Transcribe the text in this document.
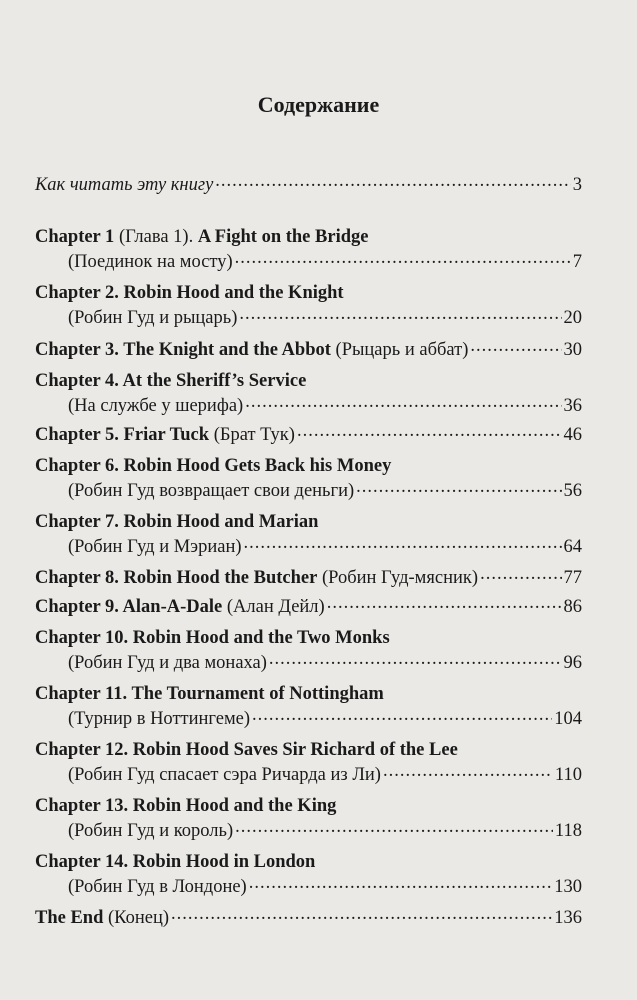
Содержание
Как читать эту книгу .....	3
Chapter 1 (Глава 1). A Fight on the Bridge
(Поединок на мосту) .....	7
Chapter 2. Robin Hood and the Knight
(Робин Гуд и рыцарь) .....	20
Chapter 3. The Knight and the Abbot (Рыцарь и аббат) .....	30
Chapter 4. At the Sheriff’s Service
(На службе у шерифа) .....	36
Chapter 5. Friar Tuck (Брат Тук) .....	46
Chapter 6. Robin Hood Gets Back his Money
(Робин Гуд возвращает свои деньги) .....	56
Chapter 7. Robin Hood and Marian
(Робин Гуд и Мэриан) .....	64
Chapter 8. Robin Hood the Butcher (Робин Гуд-мясник) .....	77
Chapter 9. Alan-A-Dale (Алан Дейл) .....	86
Chapter 10. Robin Hood and the Two Monks
(Робин Гуд и два монаха) .....	96
Chapter 11. The Tournament of Nottingham
(Турнир в Ноттингеме) .....	104
Chapter 12. Robin Hood Saves Sir Richard of the Lee
(Робин Гуд спасает сэра Ричарда из Ли) .....	110
Chapter 13. Robin Hood and the King
(Робин Гуд и король) .....	118
Chapter 14. Robin Hood in London
(Робин Гуд в Лондоне) .....	130
The End (Конец) .....	136
